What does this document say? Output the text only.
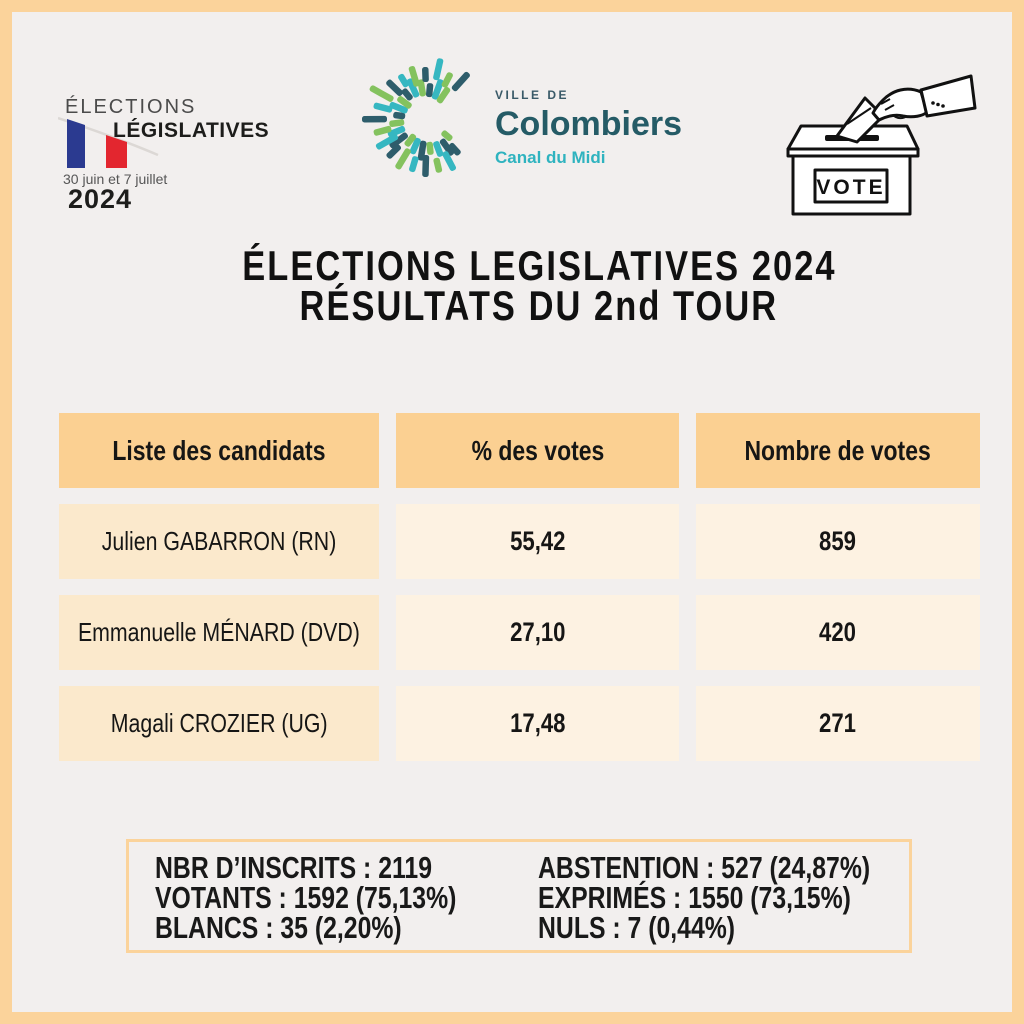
ÉLECTIONS
LÉGISLATIVES
30 juin et 7 juillet
2024
VILLE DE
Colombiers
Canal du Midi
VOTE
ÉLECTIONS LEGISLATIVES 2024
RÉSULTATS DU 2nd TOUR
Liste des candidats	% des votes	Nombre de votes
Julien GABARRON (RN)	55,42	859
Emmanuelle MÉNARD (DVD)	27,10	420
Magali CROZIER (UG)	17,48	271
NBR D’INSCRITS : 2119
VOTANTS : 1592 (75,13%)
BLANCS : 35 (2,20%)
ABSTENTION : 527 (24,87%)
EXPRIMÉS : 1550 (73,15%)
NULS : 7 (0,44%)
